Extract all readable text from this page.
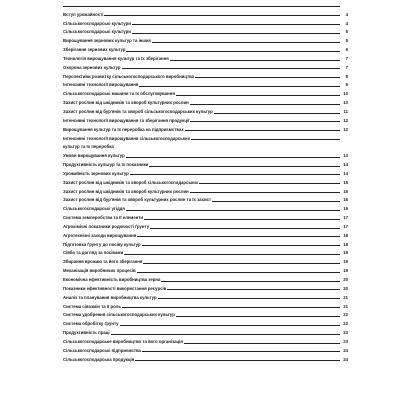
Вступ урожайності	4
Сільськогосподарські культури	4
Сільськогосподарські культури	5
Вирощування зернових культур та інших	5
Зберігання зернових культур	6
Технологія вирощування культур та їх зберігання	7
Охорона зернових культур	7
Перспективи розвитку сільськогосподарського виробництва	8
Інтенсивні технології вирощування	9
Сільськогосподарські машини та їх обслуговування	10
Захист рослин від шкідників та хвороб культурних рослин	10
Захист рослин від бур'янів та хвороб сільськогосподарських культур	11
Інтенсивні технології вирощування та зберігання продукції	12
Вирощування культур та їх переробка на підприємствах	12
Інтенсивні технології вирощування сільськогосподарських
культур та їх переробка
Умови вирощування культур	13
Продуктивність культур та їх показники	14
Урожайність зернових культур	14
Захист рослин від шкідників та хвороб сільськогосподарських	15
Захист рослин від шкідників та хвороб культурних рослин	15
Захист рослин від бур'янів та хвороб культурних рослин та їх захист	16
Сільськогосподарські угіддя	16
Система землеробства та її елементи	17
Агрохімічні показники родючості ґрунту	17
Агротехнічні заходи вирощування	18
Підготовка ґрунту до посіву культур	18
Сівба та догляд за посівами	19
Збирання врожаю та його зберігання	19
Механізація виробничих процесів	19
Економічна ефективність виробництва зерна	20
Показники ефективності використання ресурсів	20
Аналіз та планування виробництва культур	21
Система сівозмін та її роль	21
Система удобрення сільськогосподарських культур	22
Система обробітку ґрунту	22
Продуктивність праці	23
Сільськогосподарське виробництво та його організація	23
Сільськогосподарські підприємства	24
Сільськогосподарська продукція	24
